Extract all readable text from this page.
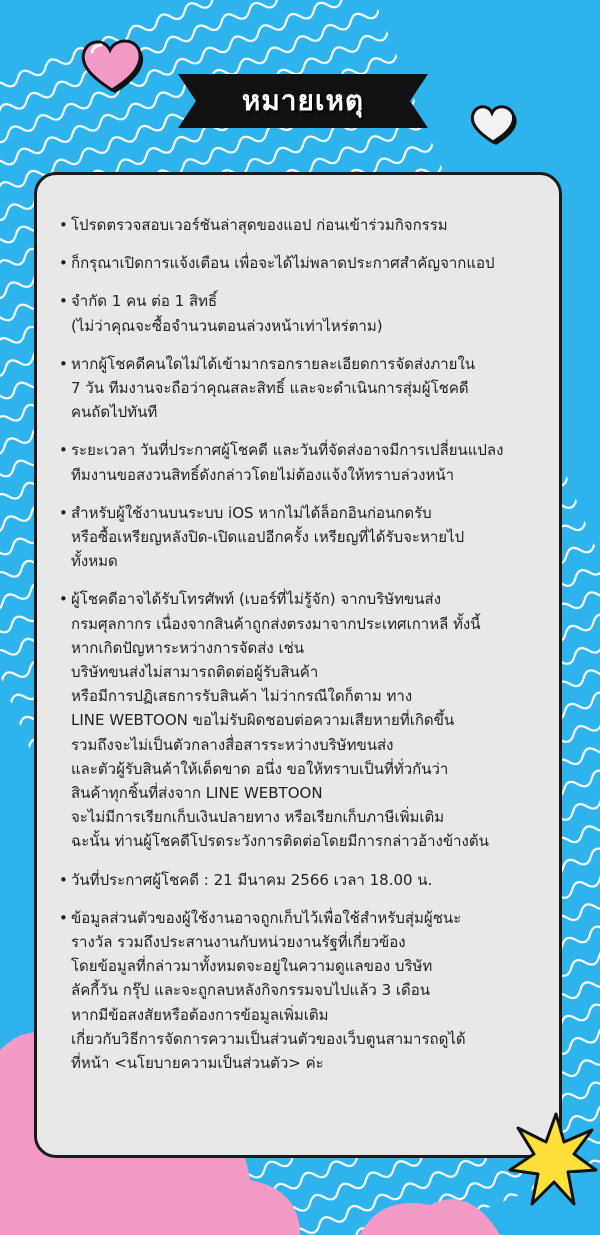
หมายเหตุ
• โปรดตรวจสอบเวอร์ชันล่าสุดของแอป ก่อนเข้าร่วมกิจกรรม
• ก็กรุณาเปิดการแจ้งเตือน เพื่อจะได้ไม่พลาดประกาศสำคัญจากแอป
• จำกัด 1 คน ต่อ 1 สิทธิ์
(ไม่ว่าคุณจะซื้อจำนวนตอนล่วงหน้าเท่าไหร่ตาม)
• หากผู้โชคดีคนใดไม่ได้เข้ามากรอกรายละเอียดการจัดส่งภายใน
7 วัน ทีมงานจะถือว่าคุณสละสิทธิ์ และจะดำเนินการสุ่มผู้โชคดี
คนถัดไปทันที
• ระยะเวลา วันที่ประกาศผู้โชคดี และวันที่จัดส่งอาจมีการเปลี่ยนแปลง
ทีมงานขอสงวนสิทธิ์ดังกล่าวโดยไม่ต้องแจ้งให้ทราบล่วงหน้า
• สำหรับผู้ใช้งานบนระบบ iOS หากไม่ได้ล็อกอินก่อนกดรับ
หรือซื้อเหรียญหลังปิด-เปิดแอปอีกครั้ง เหรียญที่ได้รับจะหายไป
ทั้งหมด
• ผู้โชคดีอาจได้รับโทรศัพท์ (เบอร์ที่ไม่รู้จัก) จากบริษัทขนส่ง
กรมศุลกากร เนื่องจากสินค้าถูกส่งตรงมาจากประเทศเกาหลี ทั้งนี้
หากเกิดปัญหาระหว่างการจัดส่ง เช่น
บริษัทขนส่งไม่สามารถติดต่อผู้รับสินค้า
หรือมีการปฏิเสธการรับสินค้า ไม่ว่ากรณีใดก็ตาม ทาง
LINE WEBTOON ขอไม่รับผิดชอบต่อความเสียหายที่เกิดขึ้น
รวมถึงจะไม่เป็นตัวกลางสื่อสารระหว่างบริษัทขนส่ง
และตัวผู้รับสินค้าให้เด็ดขาด อนึ่ง ขอให้ทราบเป็นที่ทั่วกันว่า
สินค้าทุกชิ้นที่ส่งจาก LINE WEBTOON
จะไม่มีการเรียกเก็บเงินปลายทาง หรือเรียกเก็บภาษีเพิ่มเติม
ฉะนั้น ท่านผู้โชคดีโปรดระวังการติดต่อโดยมีการกล่าวอ้างข้างต้น
• วันที่ประกาศผู้โชคดี : 21 มีนาคม 2566 เวลา 18.00 น.
• ข้อมูลส่วนตัวของผู้ใช้งานอาจถูกเก็บไว้เพื่อใช้สำหรับสุ่มผู้ชนะ
รางวัล รวมถึงประสานงานกับหน่วยงานรัฐที่เกี่ยวข้อง
โดยข้อมูลที่กล่าวมาทั้งหมดจะอยู่ในความดูแลของ บริษัท
ลัคกี้วัน กรุ๊ป และจะถูกลบหลังกิจกรรมจบไปแล้ว 3 เดือน
หากมีข้อสงสัยหรือต้องการข้อมูลเพิ่มเติม
เกี่ยวกับวิธีการจัดการความเป็นส่วนตัวของเว็บตูนสามารถดูได้
ที่หน้า <นโยบายความเป็นส่วนตัว> ค่ะ
